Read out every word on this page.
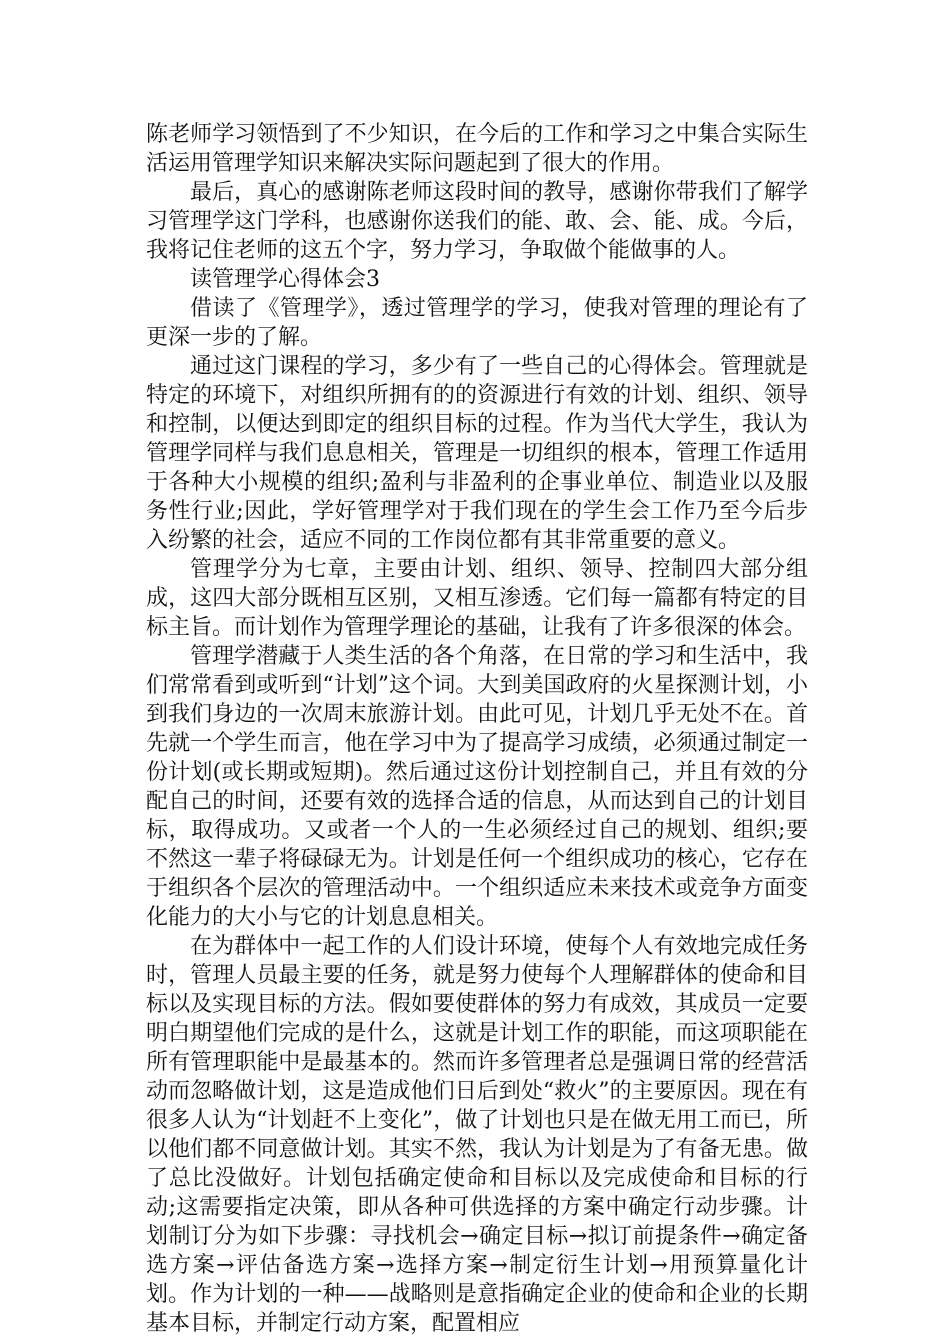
陈老师学习领悟到了不少知识，在今后的工作和学习之中集合实际生活运用管理学知识来解决实际问题起到了很大的作用。

最后，真心的感谢陈老师这段时间的教导，感谢你带我们了解学习管理学这门学科，也感谢你送我们的能、敢、会、能、成。今后，我将记住老师的这五个字，努力学习，争取做个能做事的人。

读管理学心得体会3

借读了《管理学》，透过管理学的学习，使我对管理的理论有了更深一步的了解。

通过这门课程的学习，多少有了一些自己的心得体会。管理就是特定的环境下，对组织所拥有的的资源进行有效的计划、组织、领导和控制，以便达到即定的组织目标的过程。作为当代大学生，我认为管理学同样与我们息息相关，管理是一切组织的根本，管理工作适用于各种大小规模的组织;盈利与非盈利的企事业单位、制造业以及服务性行业;因此，学好管理学对于我们现在的学生会工作乃至今后步入纷繁的社会，适应不同的工作岗位都有其非常重要的意义。

管理学分为七章，主要由计划、组织、领导、控制四大部分组成，这四大部分既相互区别，又相互渗透。它们每一篇都有特定的目标主旨。而计划作为管理学理论的基础，让我有了许多很深的体会。

管理学潜藏于人类生活的各个角落，在日常的学习和生活中，我们常常看到或听到“计划”这个词。大到美国政府的火星探测计划，小到我们身边的一次周末旅游计划。由此可见，计划几乎无处不在。首先就一个学生而言，他在学习中为了提高学习成绩，必须通过制定一份计划(或长期或短期)。然后通过这份计划控制自己，并且有效的分配自己的时间，还要有效的选择合适的信息，从而达到自己的计划目标，取得成功。又或者一个人的一生必须经过自己的规划、组织;要不然这一辈子将碌碌无为。计划是任何一个组织成功的核心，它存在于组织各个层次的管理活动中。一个组织适应未来技术或竞争方面变化能力的大小与它的计划息息相关。

在为群体中一起工作的人们设计环境，使每个人有效地完成任务时，管理人员最主要的任务，就是努力使每个人理解群体的使命和目标以及实现目标的方法。假如要使群体的努力有成效，其成员一定要明白期望他们完成的是什么，这就是计划工作的职能，而这项职能在所有管理职能中是最基本的。然而许多管理者总是强调日常的经营活动而忽略做计划，这是造成他们日后到处“救火”的主要原因。现在有很多人认为“计划赶不上变化”，做了计划也只是在做无用工而已，所以他们都不同意做计划。其实不然，我认为计划是为了有备无患。做了总比没做好。计划包括确定使命和目标以及完成使命和目标的行动;这需要指定决策，即从各种可供选择的方案中确定行动步骤。计划制订分为如下步骤：寻找机会→确定目标→拟订前提条件→确定备选方案→评估备选方案→选择方案→制定衍生计划→用预算量化计划。作为计划的一种——战略则是意指确定企业的使命和企业的长期基本目标，并制定行动方案，配置相应
